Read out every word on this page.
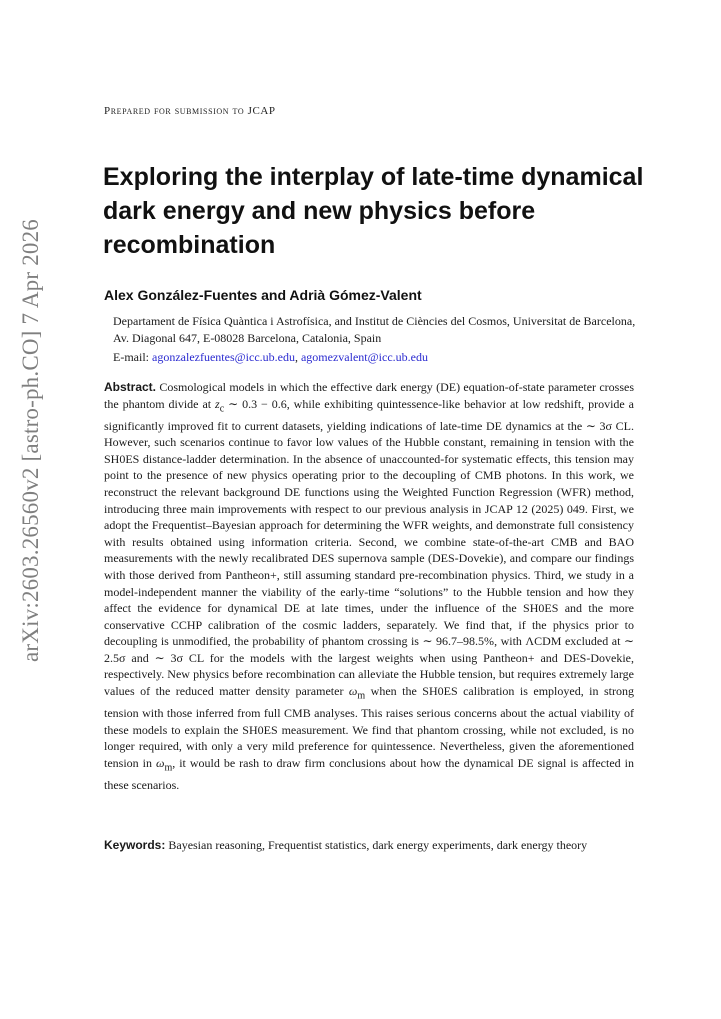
arXiv:2603.26560v2 [astro-ph.CO] 7 Apr 2026
Prepared for submission to JCAP
Exploring the interplay of late-time dynamical dark energy and new physics before recombination
Alex González-Fuentes and Adrià Gómez-Valent
Departament de Física Quàntica i Astrofísica, and Institut de Ciències del Cosmos, Universitat de Barcelona, Av. Diagonal 647, E-08028 Barcelona, Catalonia, Spain
E-mail: agonzalezfuentes@icc.ub.edu, agomezvalent@icc.ub.edu

Abstract. Cosmological models in which the effective dark energy (DE) equation-of-state parameter crosses the phantom divide at $z_c$ ∼ 0.3 − 0.6, while exhibiting quintessence-like behavior at low redshift, provide a significantly improved fit to current datasets, yielding indications of late-time DE dynamics at the ∼ 3σ CL. However, such scenarios continue to favor low values of the Hubble constant, remaining in tension with the SH0ES distance-ladder determination. In the absence of unaccounted-for systematic effects, this tension may point to the presence of new physics operating prior to the decoupling of CMB photons. In this work, we reconstruct the relevant background DE functions using the Weighted Function Regression (WFR) method, introducing three main improvements with respect to our previous analysis in JCAP 12 (2025) 049. First, we adopt the Frequentist–Bayesian approach for determining the WFR weights, and demonstrate full consistency with results obtained using information criteria. Second, we combine state-of-the-art CMB and BAO measurements with the newly recalibrated DES supernova sample (DES-Dovekie), and compare our findings with those derived from Pantheon+, still assuming standard pre-recombination physics. Third, we study in a model-independent manner the viability of the early-time “solutions” to the Hubble tension and how they affect the evidence for dynamical DE at late times, under the influence of the SH0ES and the more conservative CCHP calibration of the cosmic ladders, separately. We find that, if the physics prior to decoupling is unmodified, the probability of phantom crossing is ∼ 96.7–98.5%, with ΛCDM excluded at ∼ 2.5σ and ∼ 3σ CL for the models with the largest weights when using Pantheon+ and DES-Dovekie, respectively. New physics before recombination can alleviate the Hubble tension, but requires extremely large values of the reduced matter density parameter $\omega_m$ when the SH0ES calibration is employed, in strong tension with those inferred from full CMB analyses. This raises serious concerns about the actual viability of these models to explain the SH0ES measurement. We find that phantom crossing, while not excluded, is no longer required, with only a very mild preference for quintessence. Nevertheless, given the aforementioned tension in $\omega_m$, it would be rash to draw firm conclusions about how the dynamical DE signal is affected in these scenarios.

Keywords: Bayesian reasoning, Frequentist statistics, dark energy experiments, dark energy theory
